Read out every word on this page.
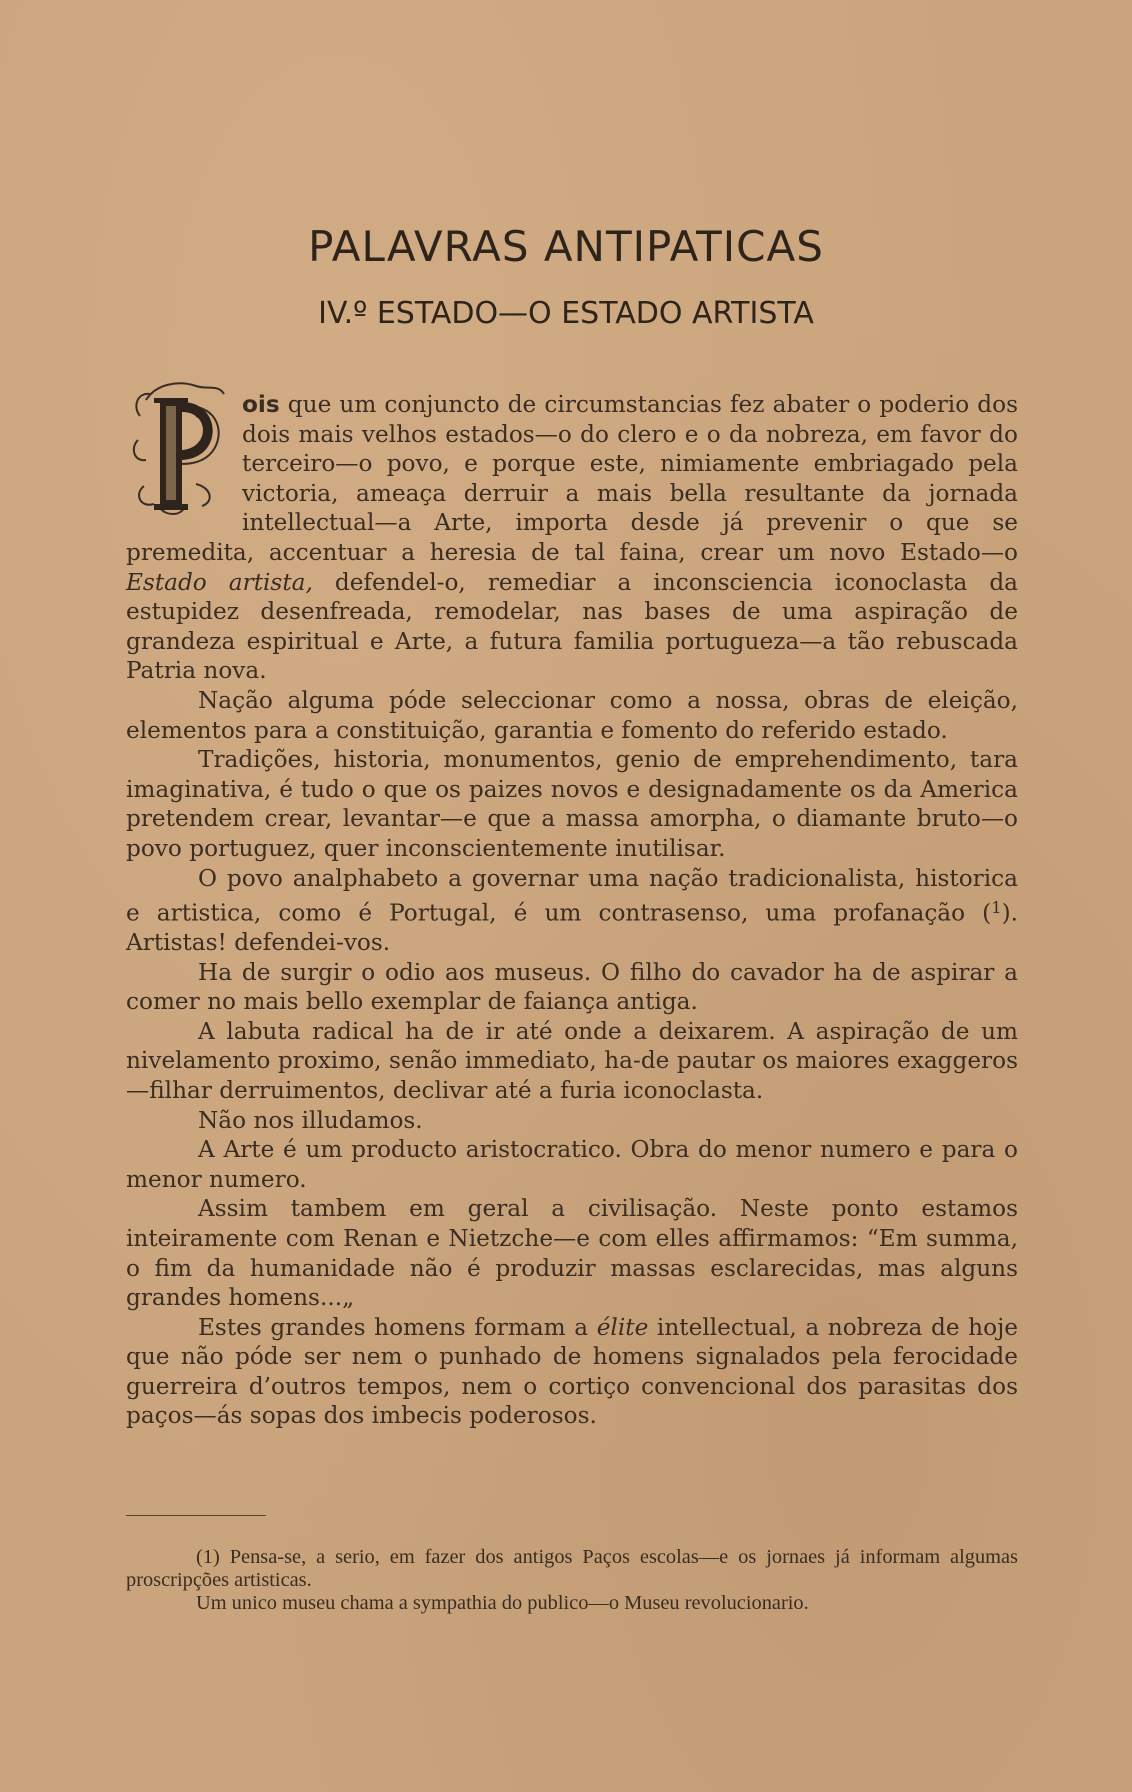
PALAVRAS ANTIPATICAS
IV.º ESTADO—O ESTADO ARTISTA

ois que um conjuncto de circumstancias fez abater o poderio dos dois mais velhos estados—o do clero e o da nobreza, em favor do terceiro—o povo, e porque este, nimiamente embriagado pela victoria, ameaça derruir a mais bella resultante da jornada intellectual—a Arte, importa desde já prevenir o que se premedita, accentuar a heresia de tal faina, crear um novo Estado—o Estado artista, defendel-o, remediar a inconsciencia iconoclasta da estupidez desenfreada, remodelar, nas bases de uma aspiração de grandeza espiritual e Arte, a futura familia portugueza—a tão rebuscada Patria nova.

Nação alguma póde seleccionar como a nossa, obras de eleição, elementos para a constituição, garantia e fomento do referido estado.

Tradições, historia, monumentos, genio de emprehendimento, tara imaginativa, é tudo o que os paizes novos e designadamente os da America pretendem crear, levantar—e que a massa amorpha, o diamante bruto—o povo portuguez, quer inconscientemente inutilisar.

O povo analphabeto a governar uma nação tradicionalista, historica e artistica, como é Portugal, é um contrasenso, uma profanação ($^1$). Artistas! defendei-vos.

Ha de surgir o odio aos museus. O filho do cavador ha de aspirar a comer no mais bello exemplar de faiança antiga.

A labuta radical ha de ir até onde a deixarem. A aspiração de um nivelamento proximo, senão immediato, ha-de pautar os maiores exaggeros—filhar derruimentos, declivar até a furia iconoclasta.

Não nos illudamos.

A Arte é um producto aristocratico. Obra do menor numero e para o menor numero.

Assim tambem em geral a civilisação. Neste ponto estamos inteiramente com Renan e Nietzche—e com elles affirmamos: “Em summa, o fim da humanidade não é produzir massas esclarecidas, mas alguns grandes homens...„

Estes grandes homens formam a élite intellectual, a nobreza de hoje que não póde ser nem o punhado de homens signalados pela ferocidade guerreira d’outros tempos, nem o cortiço convencional dos parasitas dos paços—ás sopas dos imbecis poderosos.

(1) Pensa-se, a serio, em fazer dos antigos Paços escolas—e os jornaes já informam algumas proscripções artisticas.

Um unico museu chama a sympathia do publico—o Museu revolucionario.
